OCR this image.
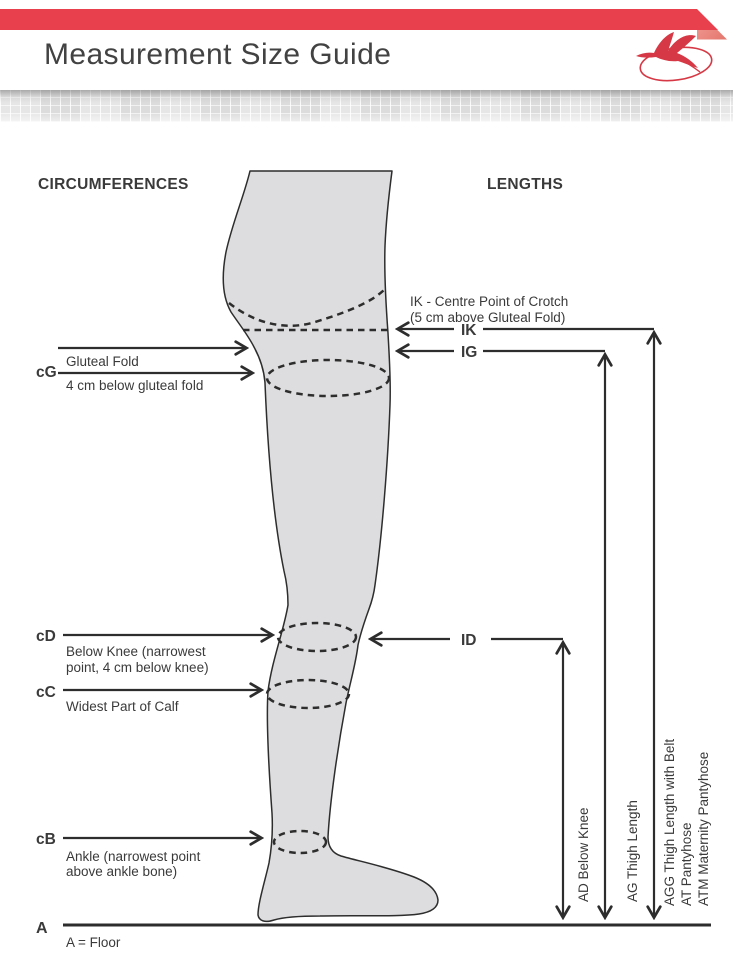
Measurement Size Guide
CIRCUMFERENCES	LENGTHS
cG
Gluteal Fold
4 cm below gluteal fold
cD
Below Knee (narrowest
point, 4 cm below knee)
cC
Widest Part of Calf
cB
Ankle (narrowest point
above ankle bone)
A
A = Floor
IK - Centre Point of Crotch
(5 cm above Gluteal Fold)
IK
IG
ID
AD Below Knee	AG Thigh Length AGG Thigh Length with Belt AT Pantyhose ATM Maternity Pantyhose
